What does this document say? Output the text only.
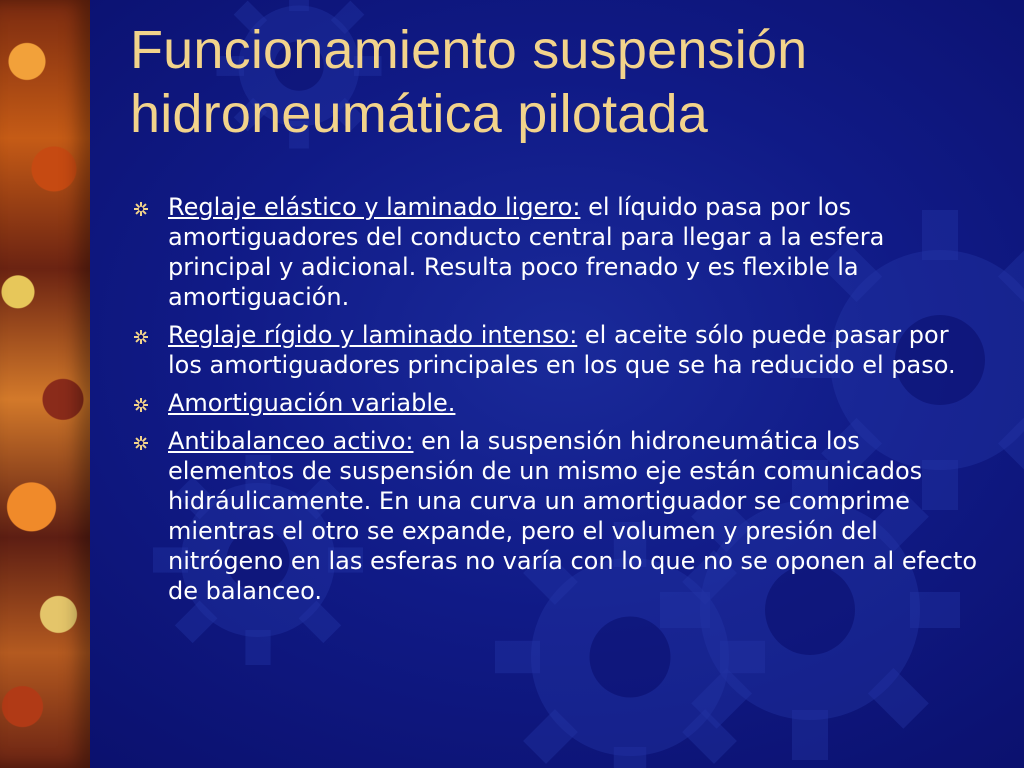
Funcionamiento suspensión
hidroneumática pilotada
Reglaje elástico y laminado ligero: el líquido pasa por los amortiguadores del conducto central para llegar a la esfera principal y adicional. Resulta poco frenado y es flexible la amortiguación.
Reglaje rígido y laminado intenso: el aceite sólo puede pasar por los amortiguadores principales en los que se ha reducido el paso.
Amortiguación variable.
Antibalanceo activo: en la suspensión hidroneumática los elementos de suspensión de un mismo eje están comunicados hidráulicamente. En una curva un amortiguador se comprime mientras el otro se expande, pero el volumen y presión del nitrógeno en las esferas no varía con lo que no se oponen al efecto de balanceo.
